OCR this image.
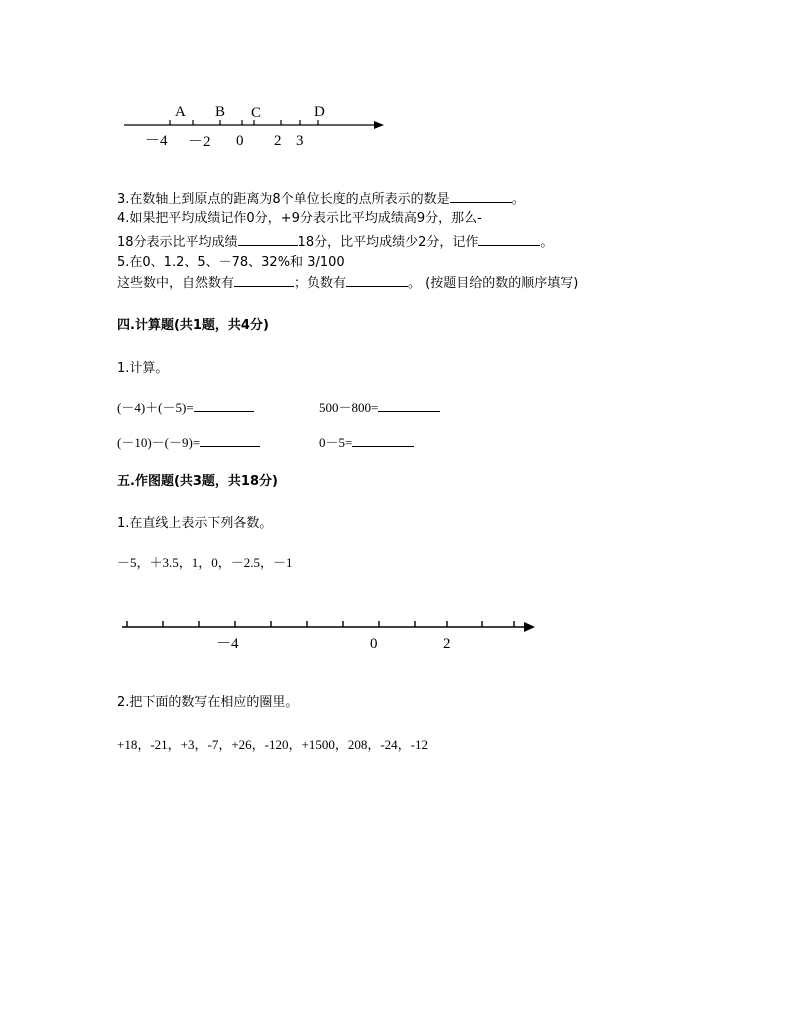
A B C	D
－4 －2 0 2 3
3.在数轴上到原点的距离为8个单位长度的点所表示的数是	。
4.如果把平均成绩记作0分，+9分表示比平均成绩高9分，那么-
18分表示比平均成绩	18分，比平均成绩少2分，记作	。
5.在0、1.2、5、－78、32%和 3/100
这些数中，自然数有	；负数有	。 (按题目给的数的顺序填写)
四.计算题(共1题，共4分)
1.计算。
(－4)＋(－5)=	500－800=
(－10)－(－9)=	0－5=
五.作图题(共3题，共18分)
1.在直线上表示下列各数。
－5，＋3.5，1，0，－2.5，－1
－4	0	2
2.把下面的数写在相应的圈里。
+18，-21，+3，-7，+26，-120，+1500，208，-24，-12
